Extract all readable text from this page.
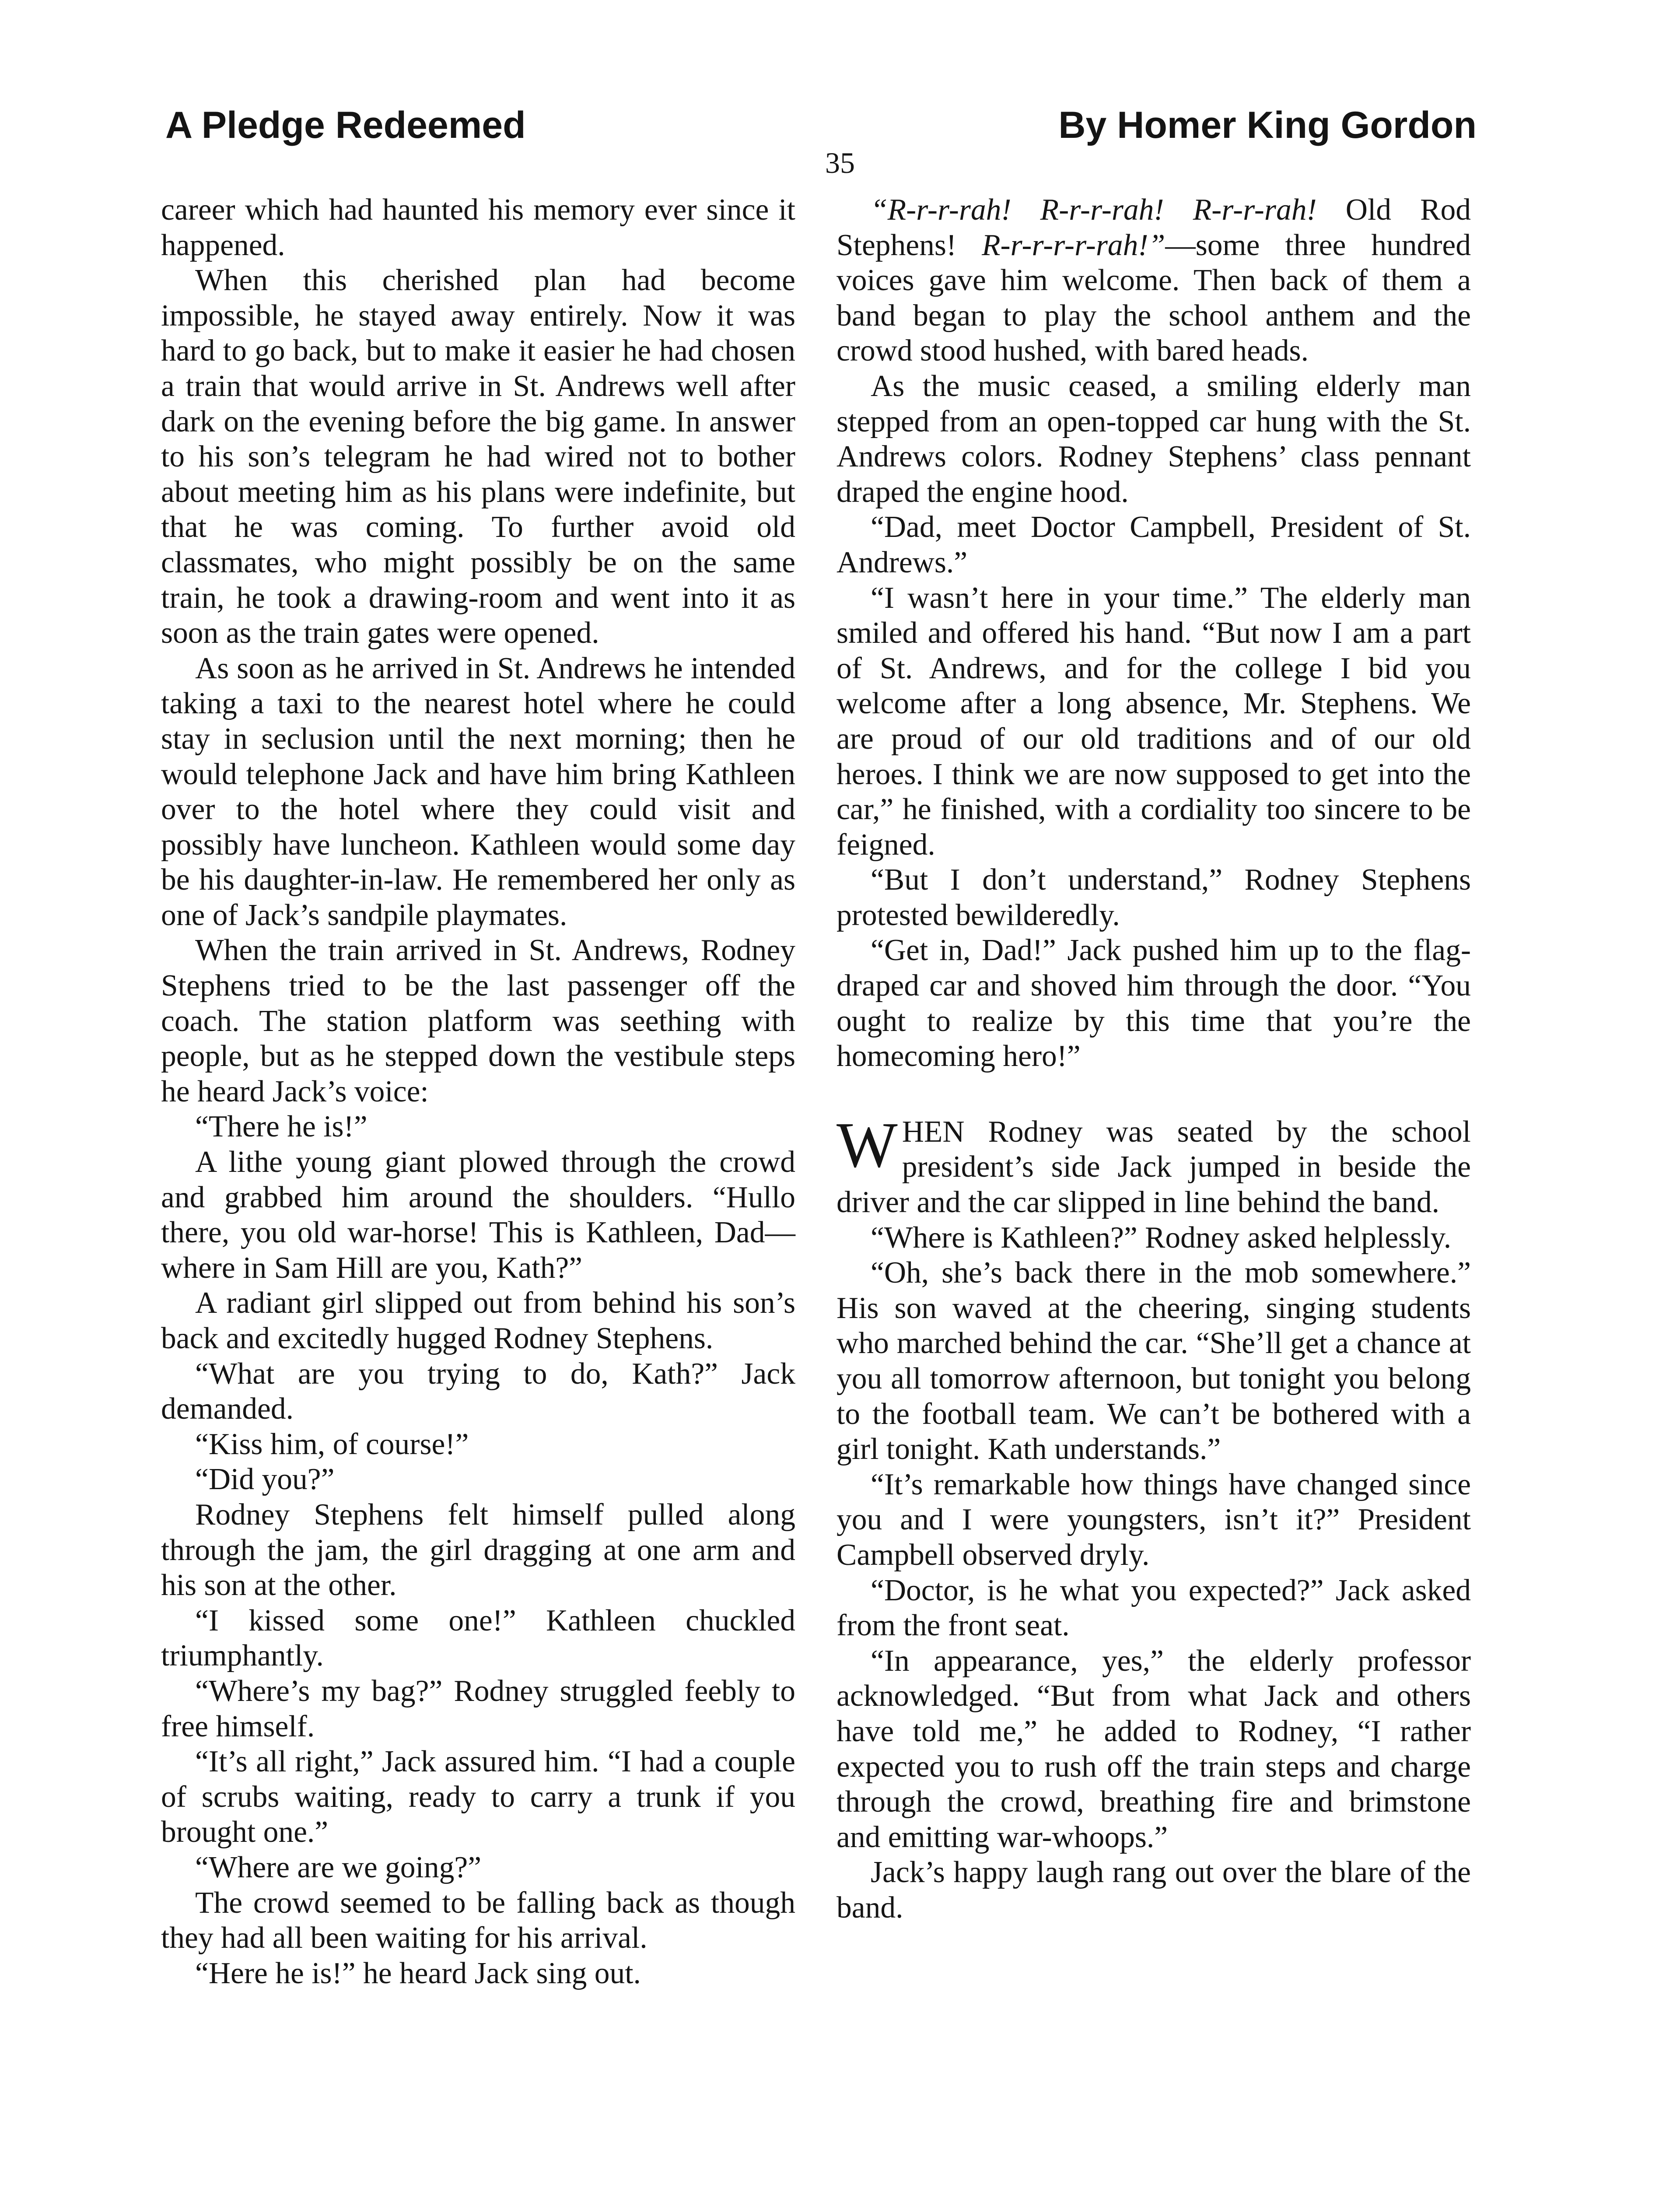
A Pledge Redeemed	By Homer King Gordon
35

career which had haunted his memory ever since it happened.

When this cherished plan had become impossible, he stayed away entirely. Now it was hard to go back, but to make it easier he had chosen a train that would arrive in St. Andrews well after dark on the evening before the big game. In answer to his son’s telegram he had wired not to bother about meeting him as his plans were indefinite, but that he was coming. To further avoid old classmates, who might possibly be on the same train, he took a drawing-room and went into it as soon as the train gates were opened.

As soon as he arrived in St. Andrews he intended taking a taxi to the nearest hotel where he could stay in seclusion until the next morning; then he would telephone Jack and have him bring Kathleen over to the hotel where they could visit and possibly have luncheon. Kathleen would some day be his daughter-in-law. He remembered her only as one of Jack’s sandpile playmates.

When the train arrived in St. Andrews, Rodney Stephens tried to be the last passenger off the coach. The station platform was seething with people, but as he stepped down the vestibule steps he heard Jack’s voice:

“There he is!”

A lithe young giant plowed through the crowd and grabbed him around the shoulders. “Hullo there, you old war-horse! This is Kathleen, Dad—where in Sam Hill are you, Kath?”

A radiant girl slipped out from behind his son’s back and excitedly hugged Rodney Stephens.

“What are you trying to do, Kath?” Jack demanded.

“Kiss him, of course!”

“Did you?”

Rodney Stephens felt himself pulled along through the jam, the girl dragging at one arm and his son at the other.

“I kissed some one!” Kathleen chuckled triumphantly.

“Where’s my bag?” Rodney struggled feebly to free himself.

“It’s all right,” Jack assured him. “I had a couple of scrubs waiting, ready to carry a trunk if you brought one.”

“Where are we going?”

The crowd seemed to be falling back as though they had all been waiting for his arrival.

“Here he is!” he heard Jack sing out.

“R-r-r-rah! R-r-r-rah! R-r-r-rah! Old Rod Stephens! R-r-r-r-r-rah!”—some three hundred voices gave him welcome. Then back of them a band began to play the school anthem and the crowd stood hushed, with bared heads.

As the music ceased, a smiling elderly man stepped from an open-topped car hung with the St. Andrews colors. Rodney Stephens’ class pennant draped the engine hood.

“Dad, meet Doctor Campbell, President of St. Andrews.”

“I wasn’t here in your time.” The elderly man smiled and offered his hand. “But now I am a part of St. Andrews, and for the college I bid you welcome after a long absence, Mr. Stephens. We are proud of our old traditions and of our old heroes. I think we are now supposed to get into the car,” he finished, with a cordiality too sincere to be feigned.

“But I don’t understand,” Rodney Stephens protested bewilderedly.

“Get in, Dad!” Jack pushed him up to the flag-draped car and shoved him through the door. “You ought to realize by this time that you’re the homecoming hero!”

WHEN Rodney was seated by the school president’s side Jack jumped in beside the driver and the car slipped in line behind the band.

“Where is Kathleen?” Rodney asked helplessly.

“Oh, she’s back there in the mob somewhere.” His son waved at the cheering, singing students who marched behind the car. “She’ll get a chance at you all tomorrow afternoon, but tonight you belong to the football team. We can’t be bothered with a girl tonight. Kath understands.”

“It’s remarkable how things have changed since you and I were youngsters, isn’t it?” President Campbell observed dryly.

“Doctor, is he what you expected?” Jack asked from the front seat.

“In appearance, yes,” the elderly professor acknowledged. “But from what Jack and others have told me,” he added to Rodney, “I rather expected you to rush off the train steps and charge through the crowd, breathing fire and brimstone and emitting war-whoops.”

Jack’s happy laugh rang out over the blare of the band.
